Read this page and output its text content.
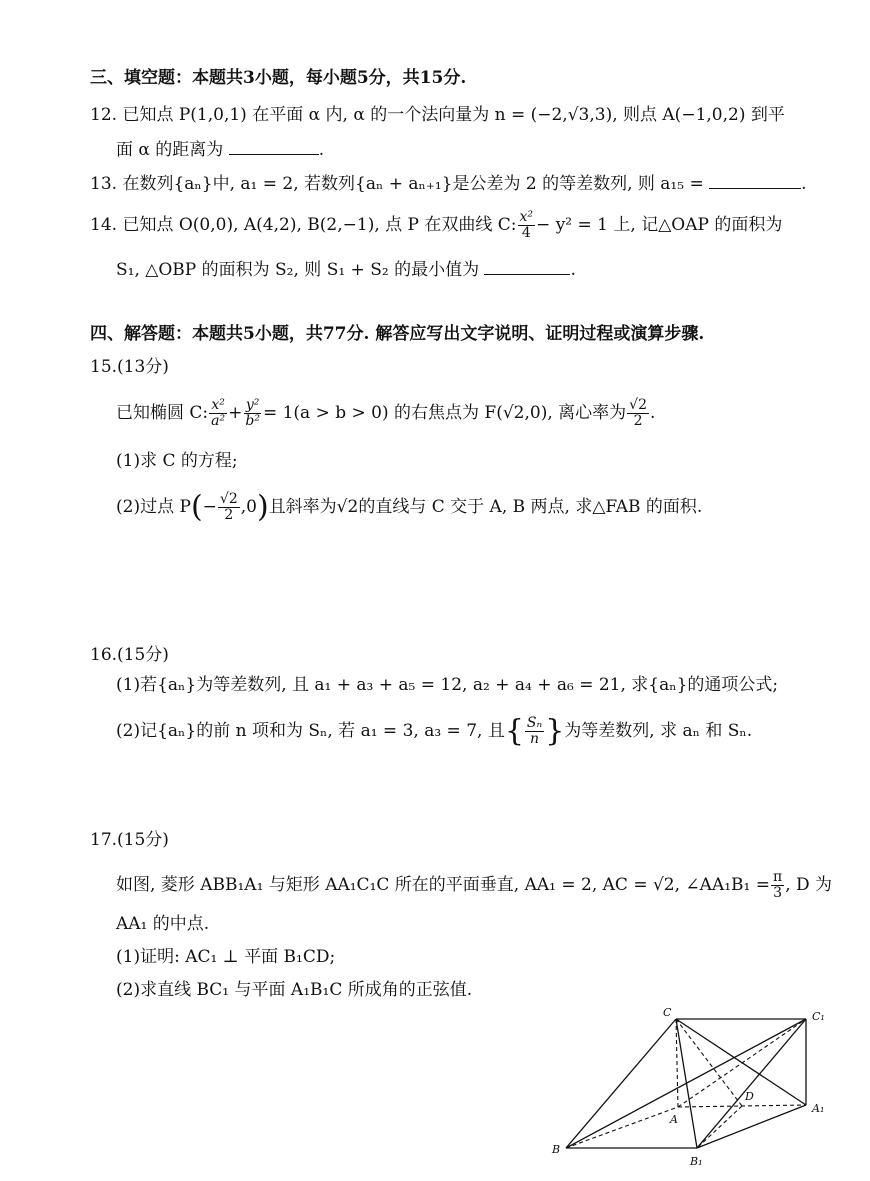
三、填空题：本题共3小题，每小题5分，共15分.
12. 已知点 P(1,0,1) 在平面 α 内, α 的一个法向量为 n = (−2,√3,3), 则点 A(−1,0,2) 到平
面 α 的距离为	.
13. 在数列{aₙ}中, a₁ = 2, 若数列{aₙ + aₙ₊₁}是公差为 2 的等差数列, 则 a₁₅ =	.
14. 已知点 O(0,0), A(4,2), B(2,−1), 点 P 在双曲线 C: $\frac{\text{x²}}{4} - y^2 = 1$ 上, 记△OAP 的面积为
S₁, △OBP 的面积为 S₂, 则 S₁ + S₂ 的最小值为	.
四、解答题：本题共5小题，共77分. 解答应写出文字说明、证明过程或演算步骤.
15.(13分)
已知椭圆 C: $\frac{\text{x²}}{\text{a²}} + \frac{\text{y²}}{\text{b²}} = 1(a > b > 0)$ 的右焦点为 F(√2,0), 离心率为 $\frac{√2}{2}$ .
(1)求 C 的方程;
(2)过点 $P(- \frac{√2}{2} ,0)$且斜率为√2的直线与 C 交于 A, B 两点, 求△FAB 的面积.
16.(15分)
(1)若{aₙ}为等差数列, 且 a₁ + a₃ + a₅ = 12, a₂ + a₄ + a₆ = 21, 求{aₙ}的通项公式;
(2)记{aₙ}的前 n 项和为 Sₙ, 若 a₁ = 3, a₃ = 7, 且{ $\frac{\text{Sₙ}}{n}$ }为等差数列, 求 aₙ 和 Sₙ.
17.(15分)
如图, 菱形 ABB₁A₁ 与矩形 AA₁C₁C 所在的平面垂直, AA₁ = 2, AC = √2, ∠AA₁B₁ = $\frac{\pi}{3}$ , D 为
AA₁ 的中点.
(1)证明: AC₁ ⊥ 平面 B₁CD;
(2)求直线 BC₁ 与平面 A₁B₁C 所成角的正弦值.
C	C₁
A
A₁
D
B
B₁
